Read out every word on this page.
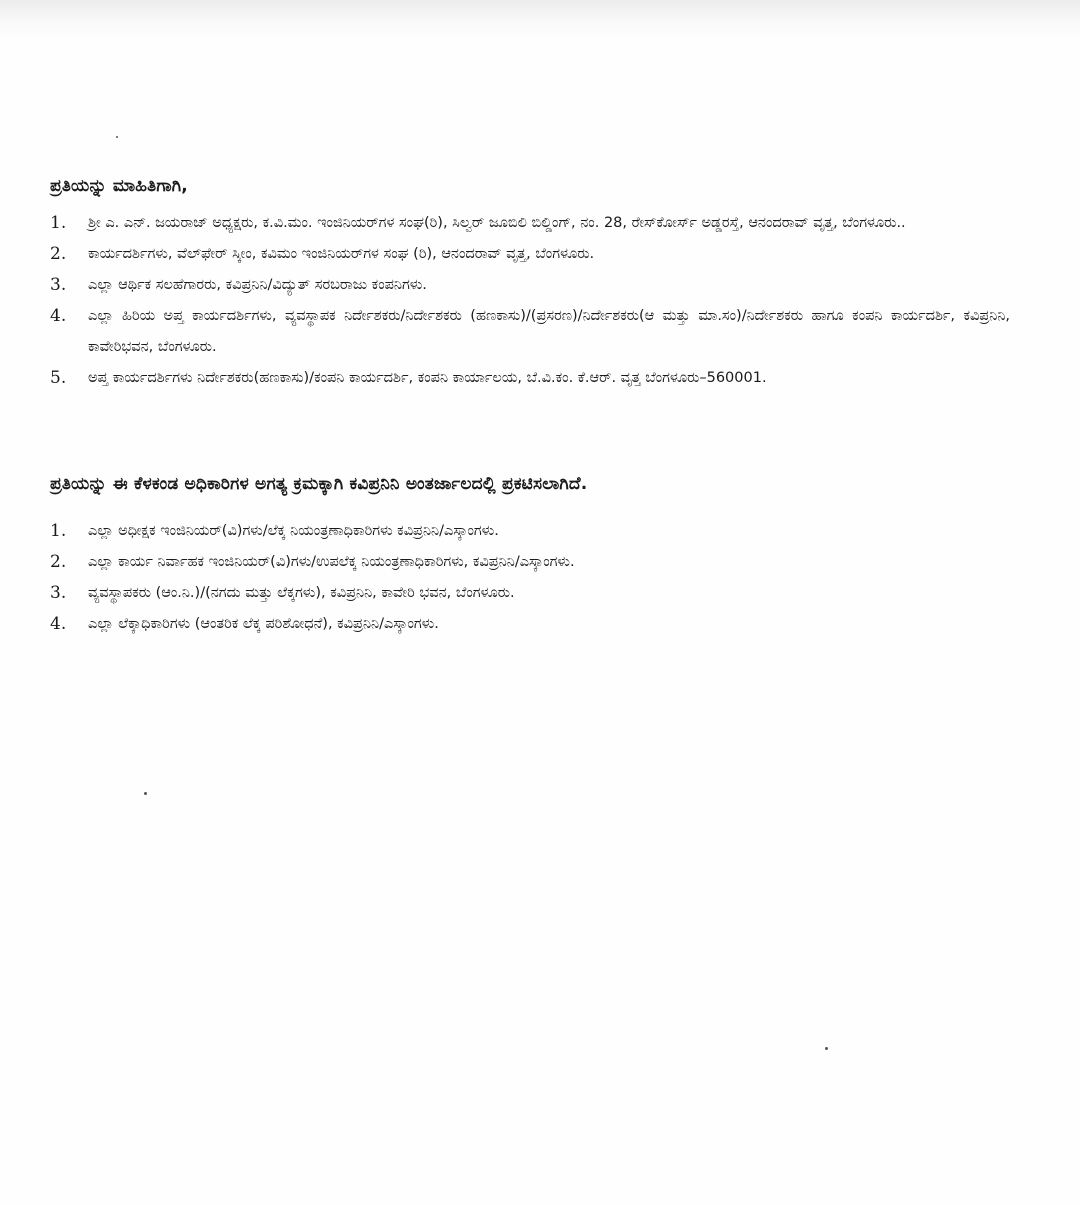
ಪ್ರತಿಯನ್ನು ಮಾಹಿತಿಗಾಗಿ,
1.	ಶ್ರೀ ಎ. ಎನ್. ಜಯರಾಜ್ ಅಧ್ಯಕ್ಷರು, ಕ.ವಿ.ಮಂ. ಇಂಜಿನಿಯರ್‌ಗಳ ಸಂಘ(ರಿ), ಸಿಲ್ವರ್ ಜೂಬಿಲಿ ಬಿಲ್ಡಿಂಗ್, ನಂ. 28, ರೇಸ್‌ಕೋರ್ಸ್ ಅಡ್ಡರಸ್ತೆ, ಆನಂದರಾವ್ ವೃತ್ತ, ಬೆಂಗಳೂರು..
2.	ಕಾರ್ಯದರ್ಶಿಗಳು, ವೆಲ್‌ಫೇರ್ ಸ್ಕೀಂ, ಕವಿಮಂ ಇಂಜಿನಿಯರ್‌ಗಳ ಸಂಘ (ರಿ), ಆನಂದರಾವ್ ವೃತ್ತ, ಬೆಂಗಳೂರು.
3.	ಎಲ್ಲಾ ಆರ್ಥಿಕ ಸಲಹೆಗಾರರು, ಕವಿಪ್ರನಿನಿ/ವಿದ್ಯುತ್ ಸರಬರಾಜು ಕಂಪನಿಗಳು.
4.	ಎಲ್ಲಾ ಹಿರಿಯ ಅಪ್ತ ಕಾರ್ಯದರ್ಶಿಗಳು, ವ್ಯವಸ್ಥಾಪಕ ನಿರ್ದೇಶಕರು/ನಿರ್ದೇಶಕರು (ಹಣಕಾಸು)/(ಪ್ರಸರಣ)/ನಿರ್ದೇಶಕರು(ಆ ಮತ್ತು ಮಾ.ಸಂ)/ನಿರ್ದೇಶಕರು ಹಾಗೂ ಕಂಪನಿ ಕಾರ್ಯದರ್ಶಿ, ಕವಿಪ್ರನಿನಿ, ಕಾವೇರಿಭವನ, ಬೆಂಗಳೂರು.
5.	ಅಪ್ತ ಕಾರ್ಯದರ್ಶಿಗಳು ನಿರ್ದೇಶಕರು(ಹಣಕಾಸು)/ಕಂಪನಿ ಕಾರ್ಯದರ್ಶಿ, ಕಂಪನಿ ಕಾರ್ಯಾಲಯ, ಬೆ.ವಿ.ಕಂ. ಕೆ.ಆರ್. ವೃತ್ತ ಬೆಂಗಳೂರು–560001.
ಪ್ರತಿಯನ್ನು ಈ ಕೆಳಕಂಡ ಅಧಿಕಾರಿಗಳ ಅಗತ್ಯ ಕ್ರಮಕ್ಕಾಗಿ ಕವಿಪ್ರನಿನಿ ಅಂತರ್ಜಾಲದಲ್ಲಿ ಪ್ರಕಟಿಸಲಾಗಿದೆ.
1.	ಎಲ್ಲಾ ಅಧೀಕ್ಷಕ ಇಂಜಿನಿಯರ್(ವಿ)ಗಳು/ಲೆಕ್ಕ ನಿಯಂತ್ರಣಾಧಿಕಾರಿಗಳು ಕವಿಪ್ರನಿನಿ/ಎಸ್ಕಾಂಗಳು.
2.	ಎಲ್ಲಾ ಕಾರ್ಯ ನಿರ್ವಾಹಕ ಇಂಜಿನಿಯರ್(ವಿ)ಗಳು/ಉಪಲೆಕ್ಕ ನಿಯಂತ್ರಣಾಧಿಕಾರಿಗಳು, ಕವಿಪ್ರನಿನಿ/ಎಸ್ಕಾಂಗಳು.
3.	ವ್ಯವಸ್ಥಾಪಕರು (ಆಂ.ನಿ.)/(ನಗದು ಮತ್ತು ಲೆಕ್ಕಗಳು), ಕವಿಪ್ರನಿನಿ, ಕಾವೇರಿ ಭವನ, ಬೆಂಗಳೂರು.
4.	ಎಲ್ಲಾ ಲೆಕ್ಕಾಧಿಕಾರಿಗಳು (ಆಂತರಿಕ ಲೆಕ್ಕ ಪರಿಶೋಧನೆ), ಕವಿಪ್ರನಿನಿ/ಎಸ್ಕಾಂಗಳು.
